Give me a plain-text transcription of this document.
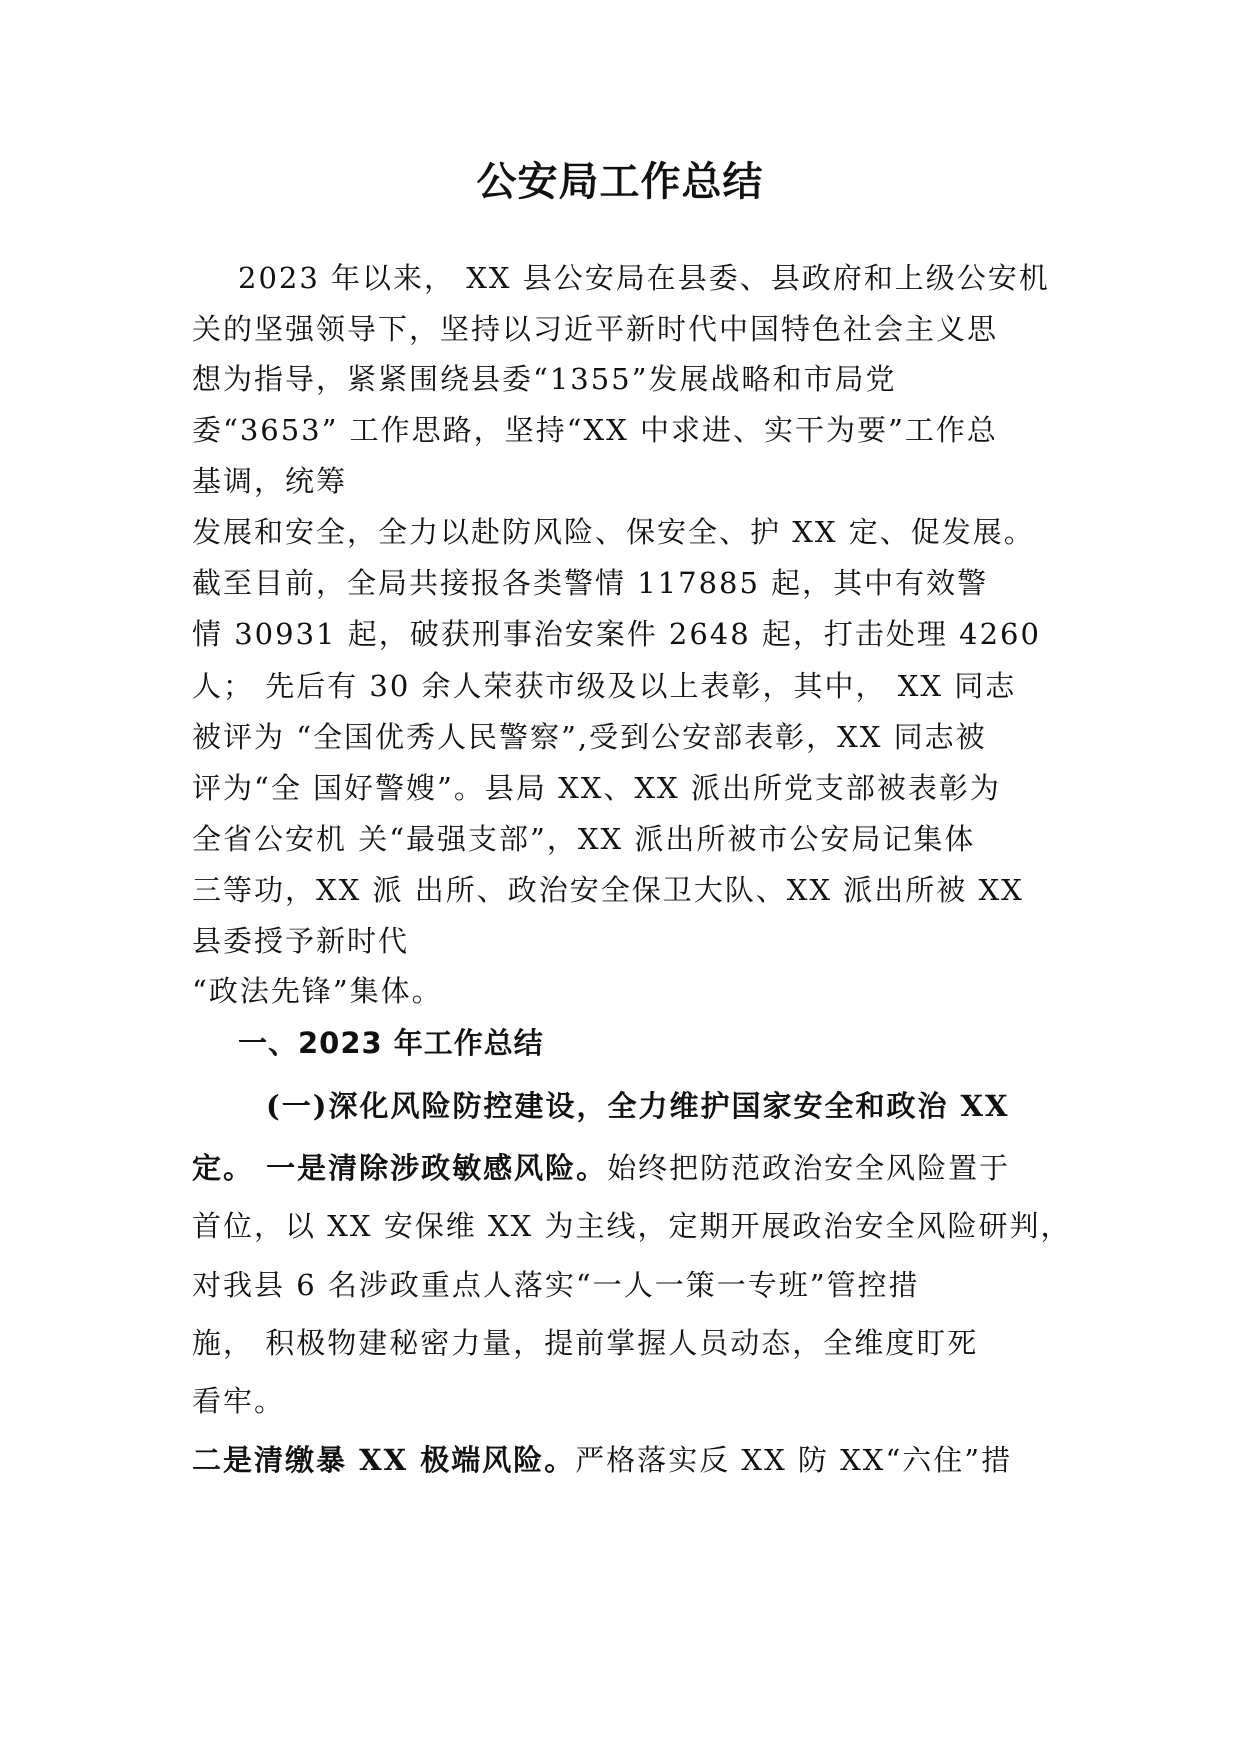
公安局工作总结
2023 年以来， XX 县公安局在县委、县政府和上级公安机
关的坚强领导下，坚持以习近平新时代中国特色社会主义思
想为指导，紧紧围绕县委“1355”发展战略和市局党
委“3653” 工作思路，坚持“XX 中求进、实干为要”工作总
基调，统筹
发展和安全，全力以赴防风险、保安全、护 XX 定、促发展。
截至目前，全局共接报各类警情 117885 起，其中有效警
情 30931 起，破获刑事治安案件 2648 起，打击处理 4260
人； 先后有 30 余人荣获市级及以上表彰，其中， XX 同志
被评为 “全国优秀人民警察”,受到公安部表彰，XX 同志被
评为“全 国好警嫂”。县局 XX、XX 派出所党支部被表彰为
全省公安机 关“最强支部”，XX 派出所被市公安局记集体
三等功，XX 派 出所、政治安全保卫大队、XX 派出所被 XX
县委授予新时代
“政法先锋”集体。
一、2023 年工作总结
(一)深化风险防控建设，全力维护国家安全和政治 XX
定。 一是清除涉政敏感风险。始终把防范政治安全风险置于
首位，以 XX 安保维 XX 为主线，定期开展政治安全风险研判，
对我县 6 名涉政重点人落实“一人一策一专班”管控措
施， 积极物建秘密力量，提前掌握人员动态，全维度盯死
看牢。
二是清缴暴 XX 极端风险。严格落实反 XX 防 XX“六住”措
